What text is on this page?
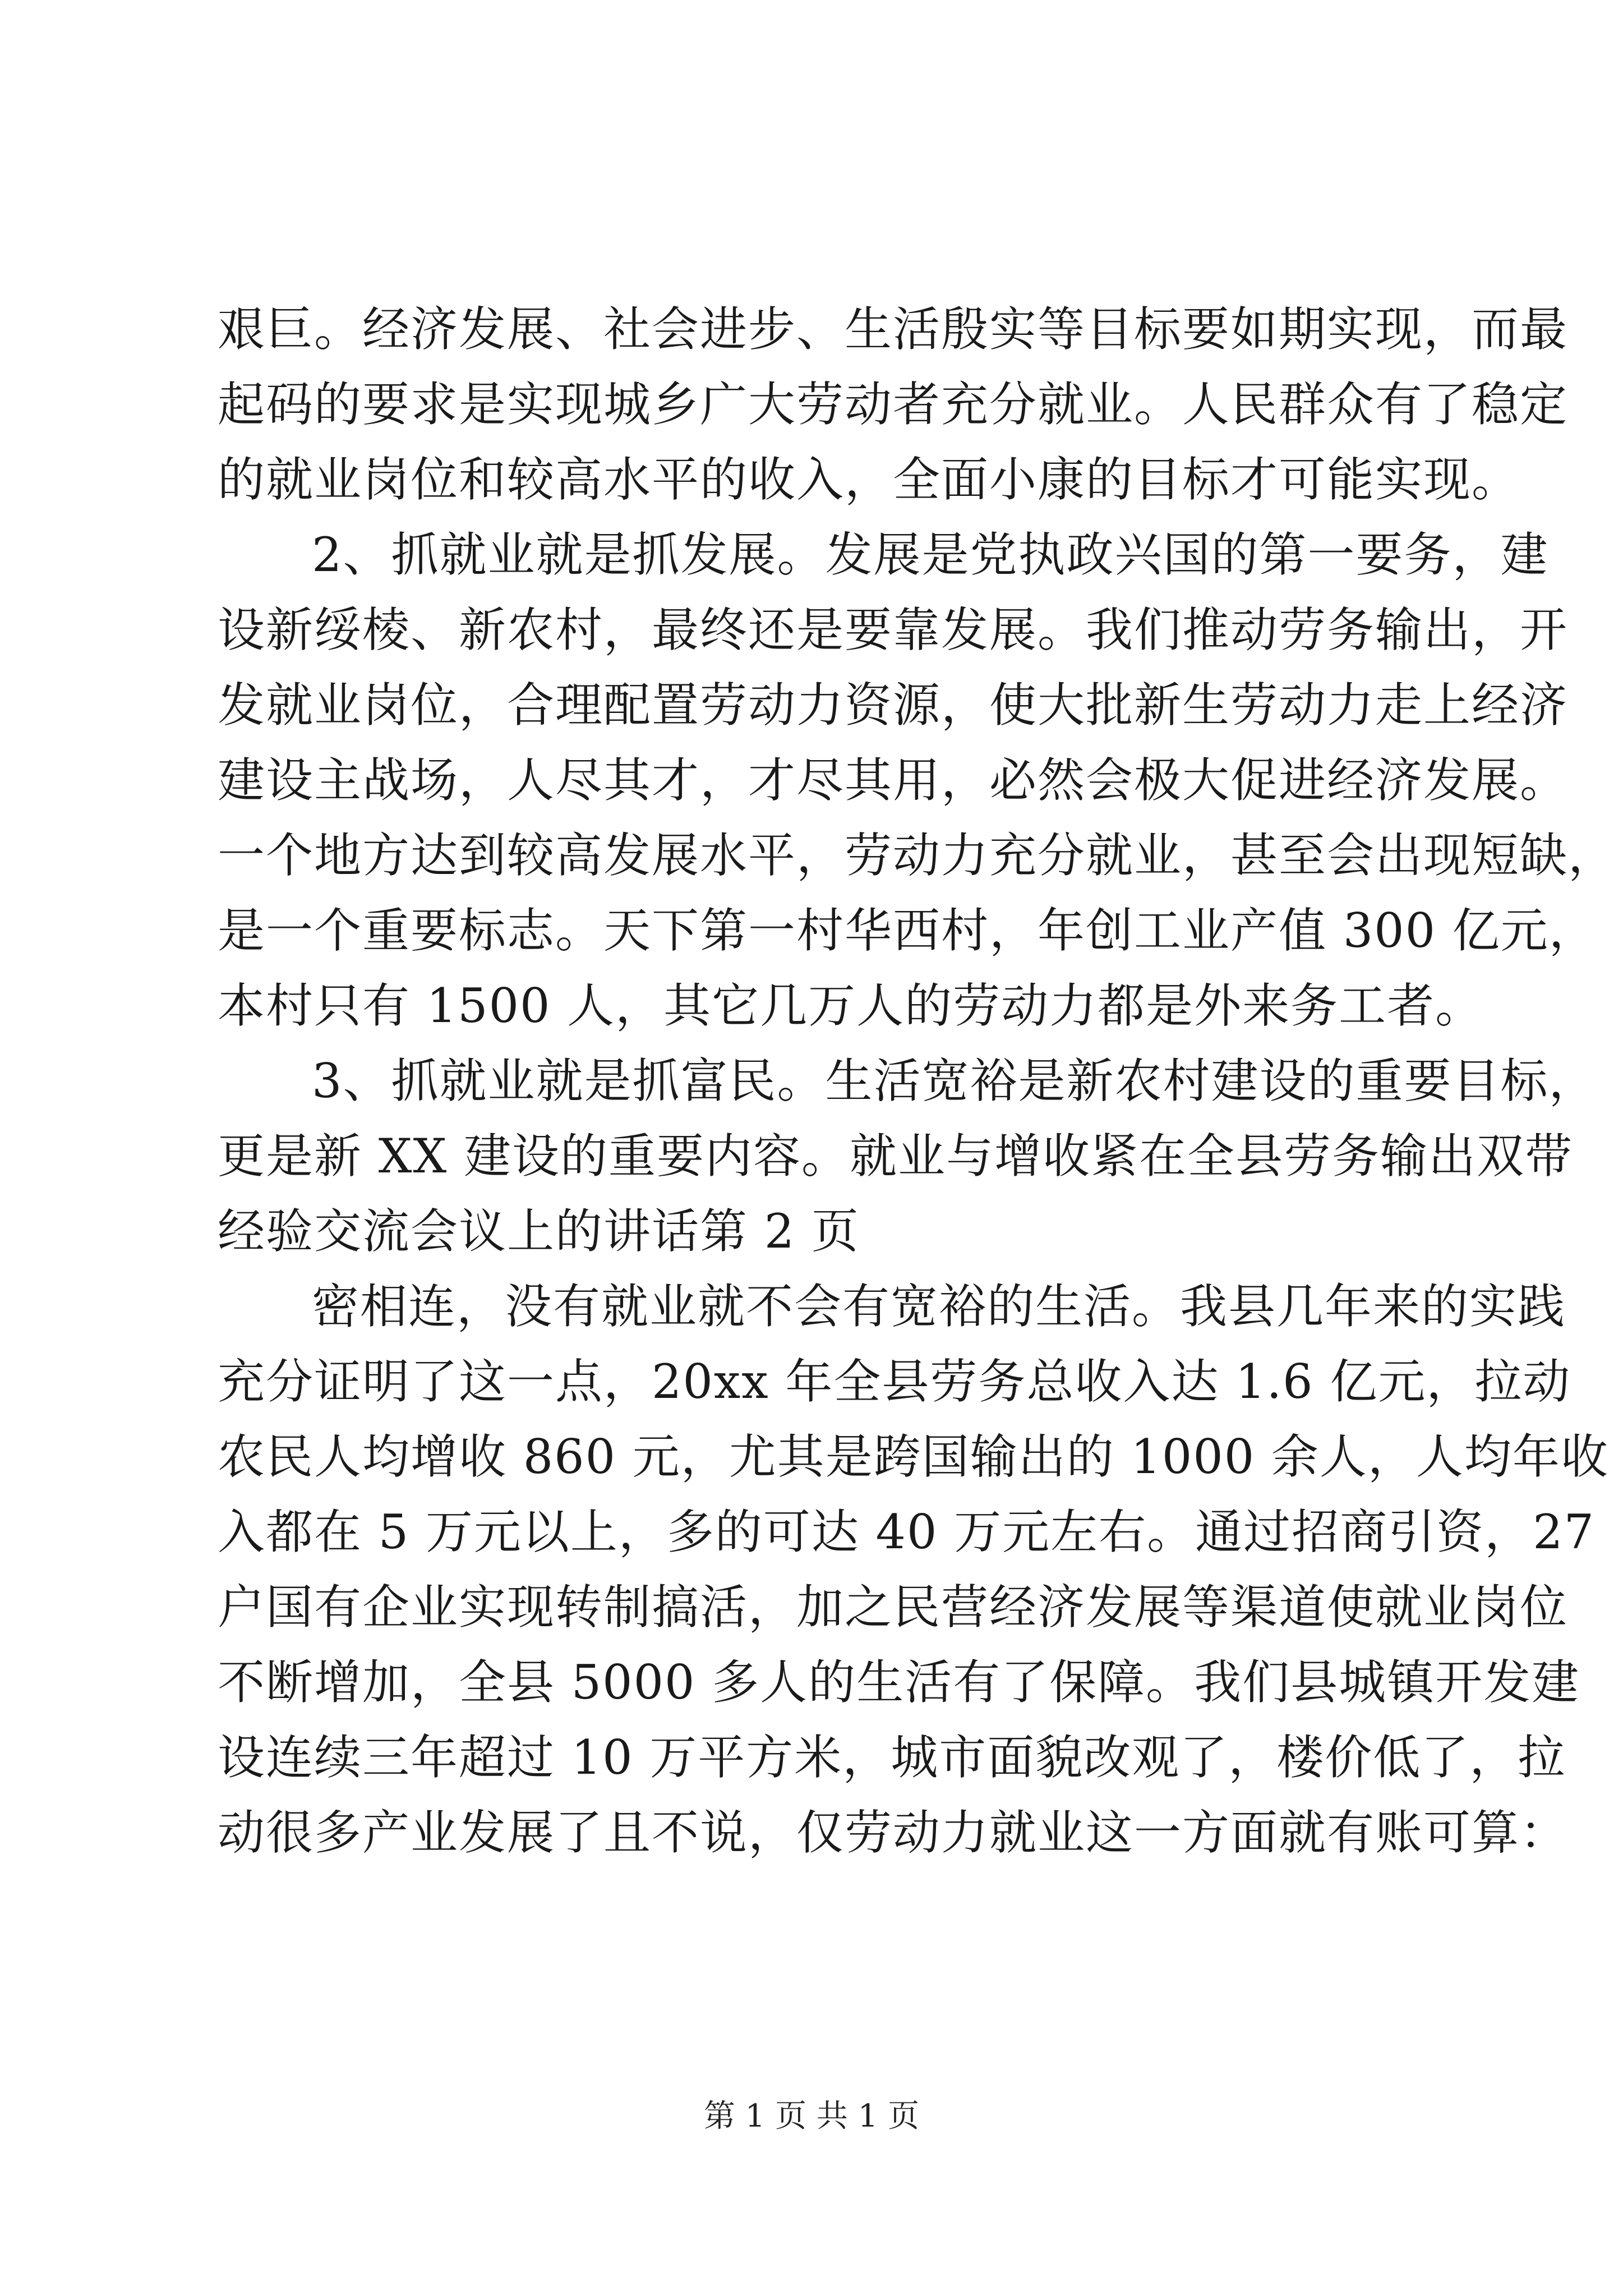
艰巨。经济发展、社会进步、生活殷实等目标要如期实现，而最
起码的要求是实现城乡广大劳动者充分就业。人民群众有了稳定
的就业岗位和较高水平的收入，全面小康的目标才可能实现。
2、抓就业就是抓发展。发展是党执政兴国的第一要务，建
设新绥棱、新农村，最终还是要靠发展。我们推动劳务输出，开
发就业岗位，合理配置劳动力资源，使大批新生劳动力走上经济
建设主战场，人尽其才，才尽其用，必然会极大促进经济发展。
一个地方达到较高发展水平，劳动力充分就业，甚至会出现短缺，
是一个重要标志。天下第一村华西村，年创工业产值 300 亿元，
本村只有 1500 人，其它几万人的劳动力都是外来务工者。
3、抓就业就是抓富民。生活宽裕是新农村建设的重要目标，
更是新 XX 建设的重要内容。就业与增收紧在全县劳务输出双带
经验交流会议上的讲话第 2 页
密相连，没有就业就不会有宽裕的生活。我县几年来的实践
充分证明了这一点，20xx 年全县劳务总收入达 1.6 亿元，拉动
农民人均增收 860 元，尤其是跨国输出的 1000 余人，人均年收
入都在 5 万元以上，多的可达 40 万元左右。通过招商引资，27
户国有企业实现转制搞活，加之民营经济发展等渠道使就业岗位
不断增加，全县 5000 多人的生活有了保障。我们县城镇开发建
设连续三年超过 10 万平方米，城市面貌改观了，楼价低了，拉
动很多产业发展了且不说，仅劳动力就业这一方面就有账可算：
第 1 页 共 1 页
